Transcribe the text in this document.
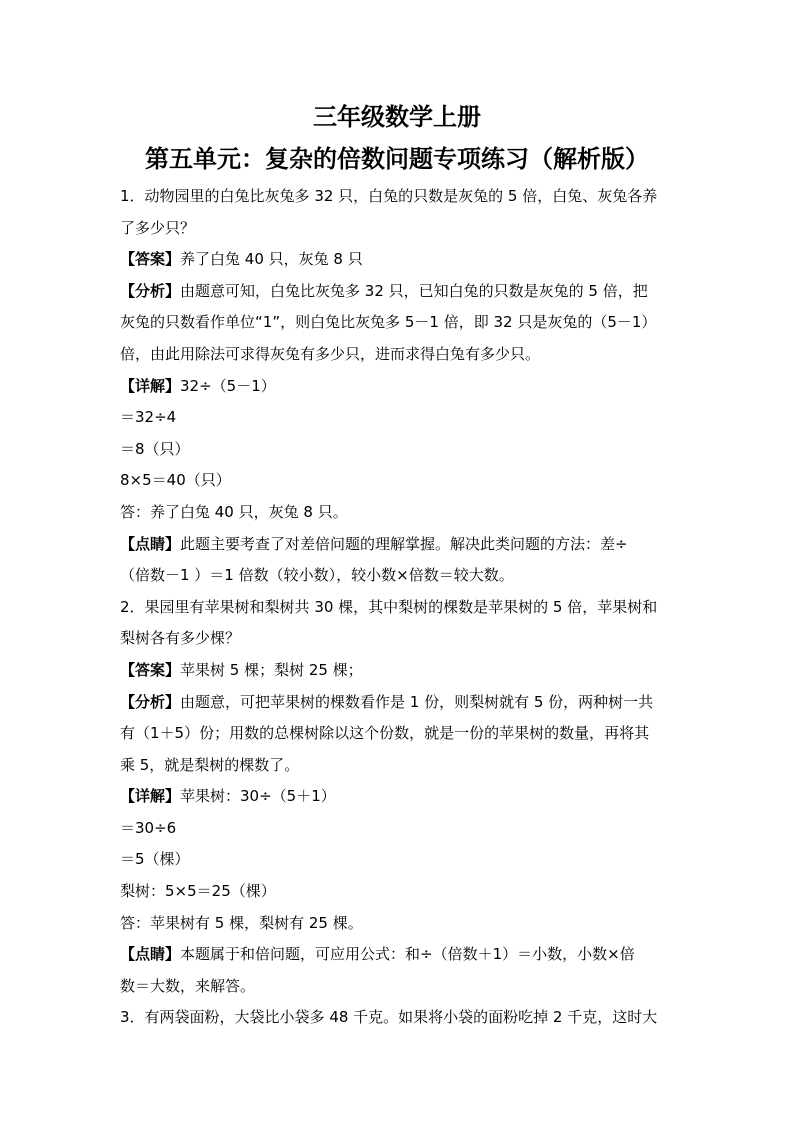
三年级数学上册
第五单元：复杂的倍数问题专项练习（解析版）
1．动物园里的白兔比灰兔多 32 只，白兔的只数是灰兔的 5 倍，白兔、灰兔各养
了多少只？
【答案】养了白兔 40 只，灰兔 8 只
【分析】由题意可知，白兔比灰兔多 32 只，已知白兔的只数是灰兔的 5 倍，把
灰兔的只数看作单位“1”，则白兔比灰兔多 5－1 倍，即 32 只是灰兔的（5－1）
倍，由此用除法可求得灰兔有多少只，进而求得白兔有多少只。
【详解】32÷（5－1）
＝32÷4
＝8（只）
8×5＝40（只）
答：养了白兔 40 只，灰兔 8 只。
【点睛】此题主要考查了对差倍问题的理解掌握。解决此类问题的方法：差÷
（倍数－1 ）＝1 倍数（较小数），较小数×倍数＝较大数。
2．果园里有苹果树和梨树共 30 棵，其中梨树的棵数是苹果树的 5 倍，苹果树和
梨树各有多少棵？
【答案】苹果树 5 棵；梨树 25 棵；
【分析】由题意，可把苹果树的棵数看作是 1 份，则梨树就有 5 份，两种树一共
有（1＋5）份；用数的总棵树除以这个份数，就是一份的苹果树的数量，再将其
乘 5，就是梨树的棵数了。
【详解】苹果树：30÷（5＋1）
＝30÷6
＝5（棵）
梨树：5×5＝25（棵）
答：苹果树有 5 棵，梨树有 25 棵。
【点睛】本题属于和倍问题，可应用公式：和÷（倍数＋1）＝小数，小数×倍
数＝大数，来解答。
3．有两袋面粉，大袋比小袋多 48 千克。如果将小袋的面粉吃掉 2 千克，这时大
